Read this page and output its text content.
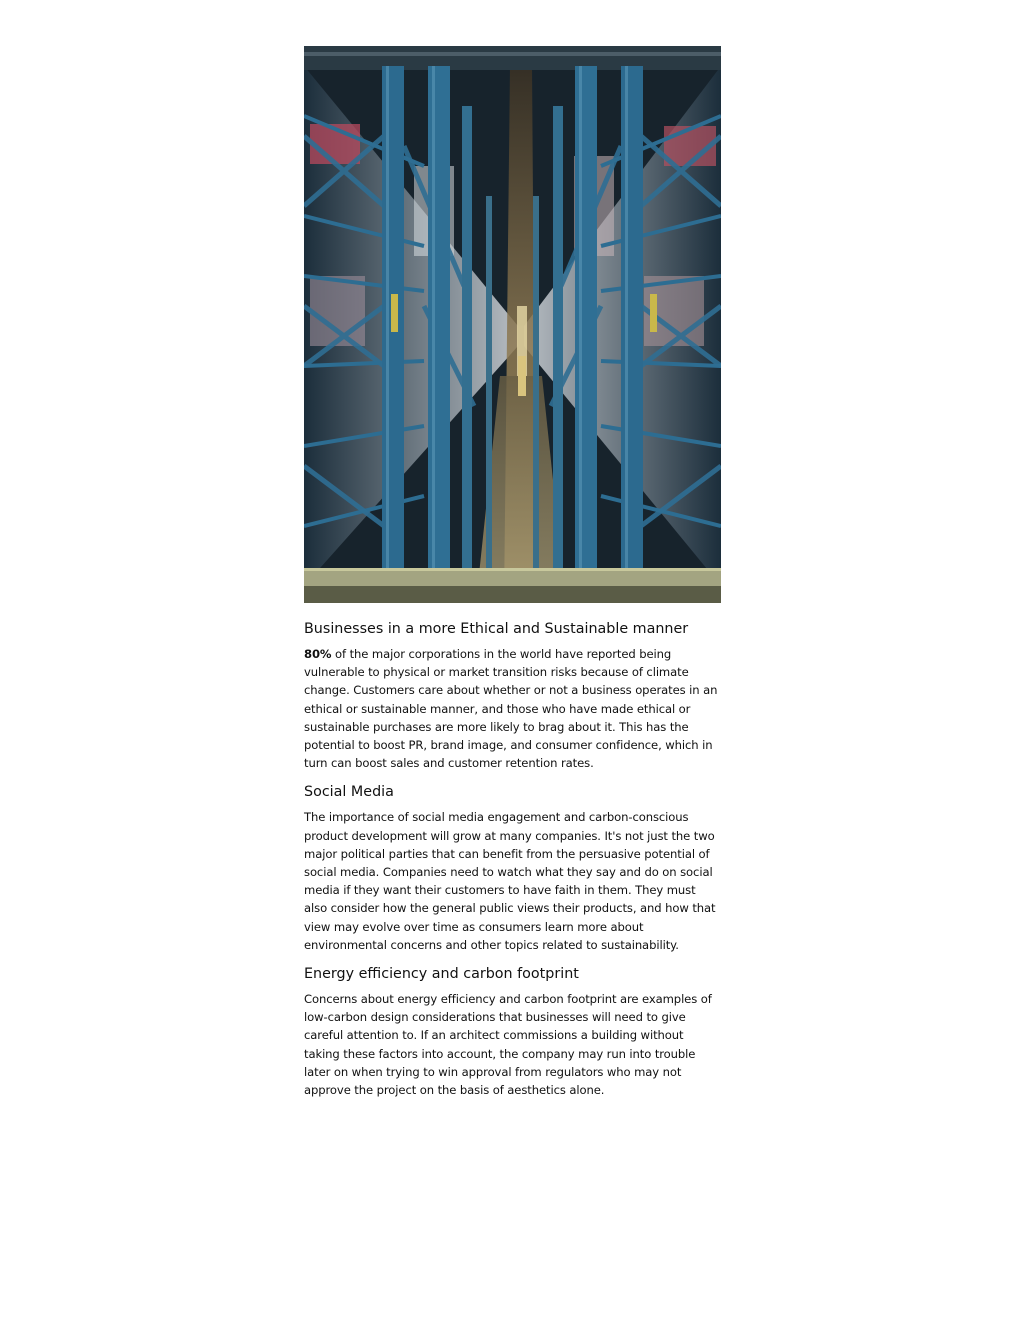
Businesses in a more Ethical and Sustainable manner

80% of the major corporations in the world have reported being vulnerable to physical or market transition risks because of climate change. Customers care about whether or not a business operates in an ethical or sustainable manner, and those who have made ethical or sustainable purchases are more likely to brag about it. This has the potential to boost PR, brand image, and consumer confidence, which in turn can boost sales and customer retention rates.

Social Media

The importance of social media engagement and carbon-conscious product development will grow at many companies. It's not just the two major political parties that can benefit from the persuasive potential of social media. Companies need to watch what they say and do on social media if they want their customers to have faith in them. They must also consider how the general public views their products, and how that view may evolve over time as consumers learn more about environmental concerns and other topics related to sustainability.

Energy efficiency and carbon footprint

Concerns about energy efficiency and carbon footprint are examples of low-carbon design considerations that businesses will need to give careful attention to. If an architect commissions a building without taking these factors into account, the company may run into trouble later on when trying to win approval from regulators who may not approve the project on the basis of aesthetics alone.
